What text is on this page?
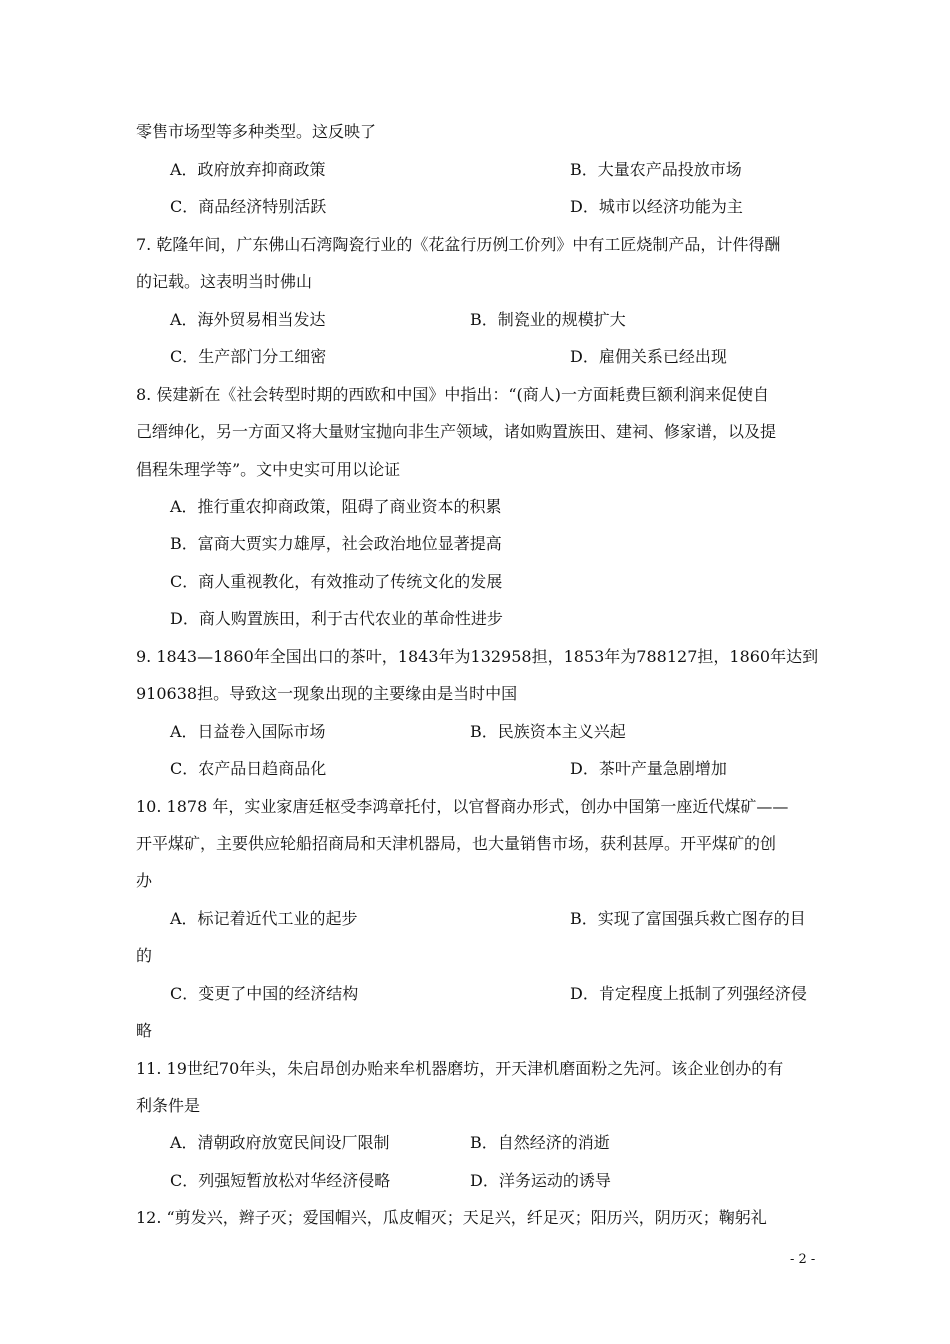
零售市场型等多种类型。这反映了
A．政府放弃抑商政策	B．大量农产品投放市场
C．商品经济特别活跃	D．城市以经济功能为主
7. 乾隆年间，广东佛山石湾陶瓷行业的《花盆行历例工价列》中有工匠烧制产品，计件得酬
的记载。这表明当时佛山
A．海外贸易相当发达	B．制瓷业的规模扩大
C．生产部门分工细密	D．雇佣关系已经出现
8. 侯建新在《社会转型时期的西欧和中国》中指出：“(商人)一方面耗费巨额利润来促使自
己缙绅化，另一方面又将大量财宝抛向非生产领域，诸如购置族田、建祠、修家谱，以及提
倡程朱理学等”。文中史实可用以论证
A．推行重农抑商政策，阻碍了商业资本的积累
B．富商大贾实力雄厚，社会政治地位显著提高
C．商人重视教化，有效推动了传统文化的发展
D．商人购置族田，利于古代农业的革命性进步
9. 1843—1860年全国出口的茶叶，1843年为132958担，1853年为788127担，1860年达到
910638担。导致这一现象出现的主要缘由是当时中国
A．日益卷入国际市场	B．民族资本主义兴起
C．农产品日趋商品化	D．茶叶产量急剧增加
10. 1878 年，实业家唐廷枢受李鸿章托付，以官督商办形式，创办中国第一座近代煤矿——
开平煤矿，主要供应轮船招商局和天津机器局，也大量销售市场，获利甚厚。开平煤矿的创
办
A．标记着近代工业的起步	B．实现了富国强兵救亡图存的目
的
C．变更了中国的经济结构	D．肯定程度上抵制了列强经济侵
略
11. 19世纪70年头，朱启昂创办贻来牟机器磨坊，开天津机磨面粉之先河。该企业创办的有
利条件是
A．清朝政府放宽民间设厂限制	B．自然经济的消逝
C．列强短暂放松对华经济侵略	D．洋务运动的诱导
12. “剪发兴，辫子灭；爱国帽兴，瓜皮帽灭；天足兴，纤足灭；阳历兴，阴历灭；鞠躬礼
- 2 -
